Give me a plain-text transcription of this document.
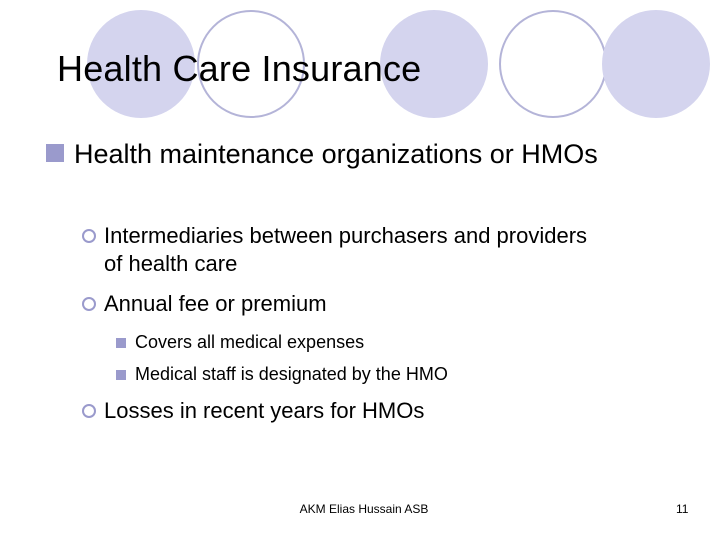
Health Care Insurance
Health maintenance organizations or HMOs
Intermediaries between purchasers and providers of health care
Annual fee or premium
Covers all medical expenses
Medical staff is designated by the HMO
Losses in recent years for HMOs
AKM Elias Hussain ASB	11
